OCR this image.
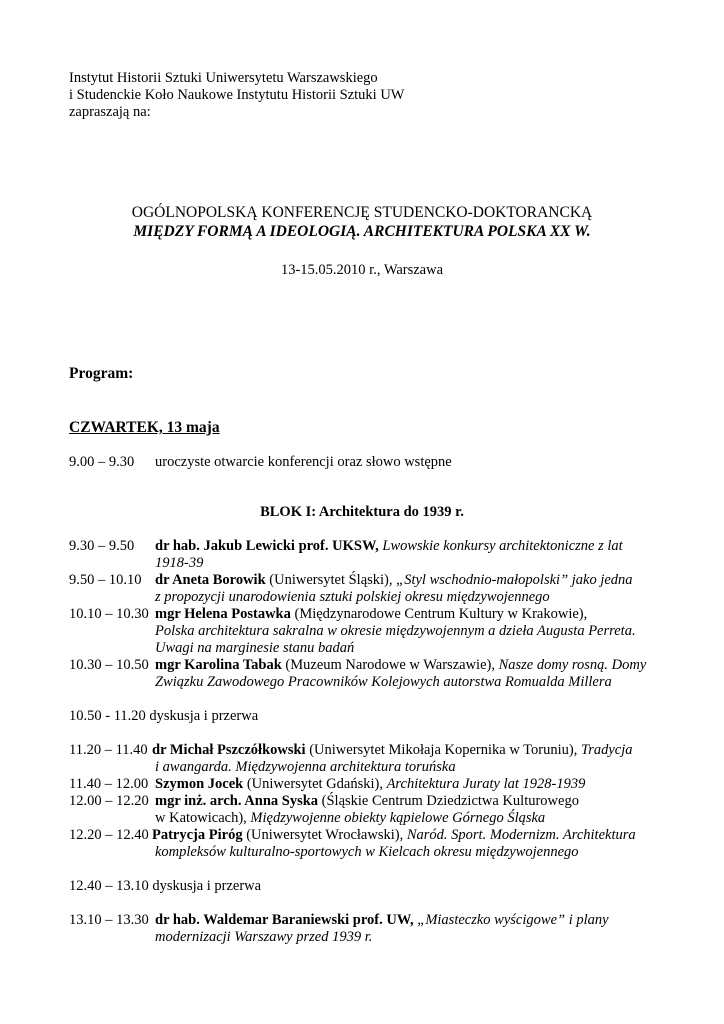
Instytut Historii Sztuki Uniwersytetu Warszawskiego
i Studenckie Koło Naukowe Instytutu Historii Sztuki UW
zapraszają na:
OGÓLNOPOLSKĄ KONFERENCJĘ STUDENCKO-DOKTORANCKĄ
MIĘDZY FORMĄ A IDEOLOGIĄ. ARCHITEKTURA POLSKA XX W.
13-15.05.2010 r., Warszawa
Program:
CZWARTEK, 13 maja
9.00 – 9.30 uroczyste otwarcie konferencji oraz słowo wstępne
BLOK I: Architektura do 1939 r.
9.30 – 9.50 dr hab. Jakub Lewicki prof. UKSW, Lwowskie konkursy architektoniczne z lat
1918-39
9.50 – 10.10 dr Aneta Borowik (Uniwersytet Śląski), „Styl wschodnio-małopolski” jako jedna
z propozycji unarodowienia sztuki polskiej okresu międzywojennego
10.10 – 10.30 mgr Helena Postawka (Międzynarodowe Centrum Kultury w Krakowie),
Polska architektura sakralna w okresie międzywojennym a dzieła Augusta Perreta.
Uwagi na marginesie stanu badań
10.30 – 10.50 mgr Karolina Tabak (Muzeum Narodowe w Warszawie), Nasze domy rosną. Domy
Związku Zawodowego Pracowników Kolejowych autorstwa Romualda Millera
10.50 - 11.20 dyskusja i przerwa
11.20 – 11.40 dr Michał Pszczółkowski (Uniwersytet Mikołaja Kopernika w Toruniu), Tradycja
i awangarda. Międzywojenna architektura toruńska
11.40 – 12.00 Szymon Jocek (Uniwersytet Gdański), Architektura Juraty lat 1928-1939
12.00 – 12.20 mgr inż. arch. Anna Syska (Śląskie Centrum Dziedzictwa Kulturowego
w Katowicach), Międzywojenne obiekty kąpielowe Górnego Śląska
12.20 – 12.40 Patrycja Piróg (Uniwersytet Wrocławski), Naród. Sport. Modernizm. Architektura
kompleksów kulturalno-sportowych w Kielcach okresu międzywojennego
12.40 – 13.10 dyskusja i przerwa
13.10 – 13.30 dr hab. Waldemar Baraniewski prof. UW, „Miasteczko wyścigowe” i plany
modernizacji Warszawy przed 1939 r.
